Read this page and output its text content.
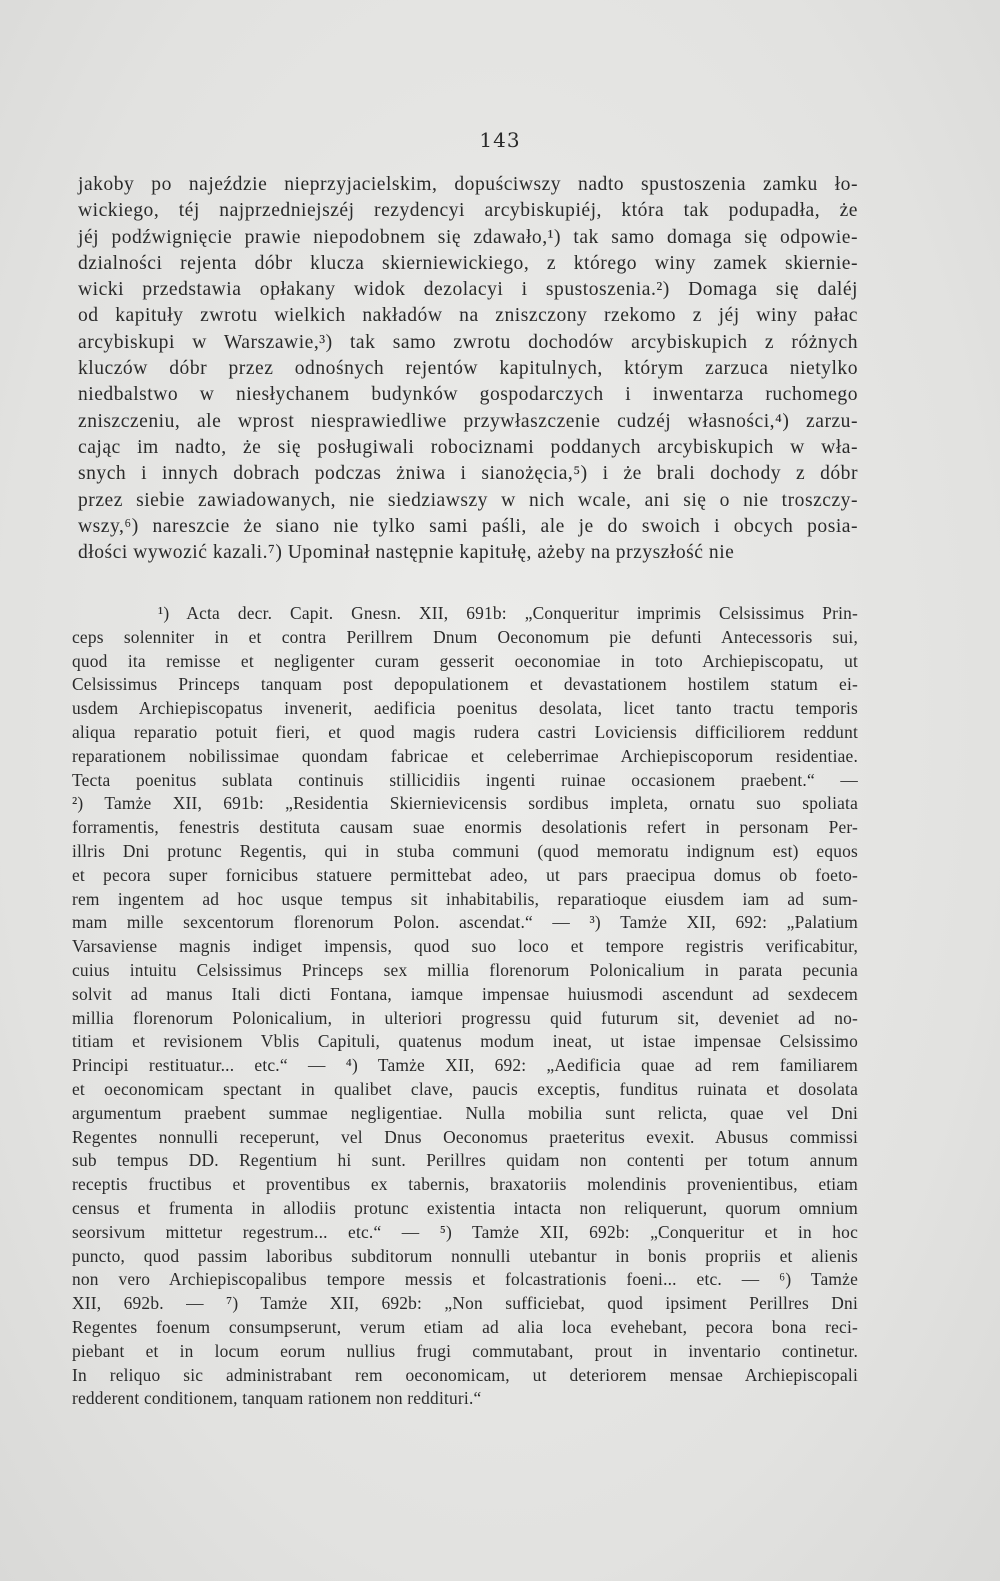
143
jakoby po najeździe nieprzyjacielskim, dopuściwszy nadto spustoszenia zamku ło-
wickiego, téj najprzedniejszéj rezydencyi arcybiskupiéj, która tak podupadła, że
jéj podźwignięcie prawie niepodobnem się zdawało,¹) tak samo domaga się odpowie-
dzialności rejenta dóbr klucza skierniewickiego, z którego winy zamek skiernie-
wicki przedstawia opłakany widok dezolacyi i spustoszenia.²) Domaga się daléj
od kapituły zwrotu wielkich nakładów na zniszczony rzekomo z jéj winy pałac
arcybiskupi w Warszawie,³) tak samo zwrotu dochodów arcybiskupich z różnych
kluczów dóbr przez odnośnych rejentów kapitulnych, którym zarzuca nietylko
niedbalstwo w niesłychanem budynków gospodarczych i inwentarza ruchomego
zniszczeniu, ale wprost niesprawiedliwe przywłaszczenie cudzéj własności,⁴) zarzu-
cając im nadto, że się posługiwali robociznami poddanych arcybiskupich w wła-
snych i innych dobrach podczas żniwa i sianożęcia,⁵) i że brali dochody z dóbr
przez siebie zawiadowanych, nie siedziawszy w nich wcale, ani się o nie troszczy-
wszy,⁶) nareszcie że siano nie tylko sami paśli, ale je do swoich i obcych posia-
dłości wywozić kazali.⁷) Upominał następnie kapitułę, ażeby na przyszłość nie
¹) Acta decr. Capit. Gnesn. XII, 691b: „Conqueritur imprimis Celsissimus Prin-
ceps solenniter in et contra Perillrem Dnum Oeconomum pie defunti Antecessoris sui,
quod ita remisse et negligenter curam gesserit oeconomiae in toto Archiepiscopatu, ut
Celsissimus Princeps tanquam post depopulationem et devastationem hostilem statum ei-
usdem Archiepiscopatus invenerit, aedificia poenitus desolata, licet tanto tractu temporis
aliqua reparatio potuit fieri, et quod magis rudera castri Loviciensis difficiliorem reddunt
reparationem nobilissimae quondam fabricae et celeberrimae Archiepiscoporum residentiae.
Tecta poenitus sublata continuis stillicidiis ingenti ruinae occasionem praebent.“ —
²) Tamże XII, 691b: „Residentia Skiernievicensis sordibus impleta, ornatu suo spoliata
forramentis, fenestris destituta causam suae enormis desolationis refert in personam Per-
illris Dni protunc Regentis, qui in stuba communi (quod memoratu indignum est) equos
et pecora super fornicibus statuere permittebat adeo, ut pars praecipua domus ob foeto-
rem ingentem ad hoc usque tempus sit inhabitabilis, reparatioque eiusdem iam ad sum-
mam mille sexcentorum florenorum Polon. ascendat.“ — ³) Tamże XII, 692: „Palatium
Varsaviense magnis indiget impensis, quod suo loco et tempore registris verificabitur,
cuius intuitu Celsissimus Princeps sex millia florenorum Polonicalium in parata pecunia
solvit ad manus Itali dicti Fontana, iamque impensae huiusmodi ascendunt ad sexdecem
millia florenorum Polonicalium, in ulteriori progressu quid futurum sit, deveniet ad no-
titiam et revisionem Vblis Capituli, quatenus modum ineat, ut istae impensae Celsissimo
Principi restituatur... etc.“ — ⁴) Tamże XII, 692: „Aedificia quae ad rem familiarem
et oeconomicam spectant in qualibet clave, paucis exceptis, funditus ruinata et dosolata
argumentum praebent summae negligentiae. Nulla mobilia sunt relicta, quae vel Dni
Regentes nonnulli receperunt, vel Dnus Oeconomus praeteritus evexit. Abusus commissi
sub tempus DD. Regentium hi sunt. Perillres quidam non contenti per totum annum
receptis fructibus et proventibus ex tabernis, braxatoriis molendinis provenientibus, etiam
census et frumenta in allodiis protunc existentia intacta non reliquerunt, quorum omnium
seorsivum mittetur regestrum... etc.“ — ⁵) Tamże XII, 692b: „Conqueritur et in hoc
puncto, quod passim laboribus subditorum nonnulli utebantur in bonis propriis et alienis
non vero Archiepiscopalibus tempore messis et folcastrationis foeni... etc. — ⁶) Tamże
XII, 692b. — ⁷) Tamże XII, 692b: „Non sufficiebat, quod ipsiment Perillres Dni
Regentes foenum consumpserunt, verum etiam ad alia loca evehebant, pecora bona reci-
piebant et in locum eorum nullius frugi commutabant, prout in inventario continetur.
In reliquo sic administrabant rem oeconomicam, ut deteriorem mensae Archiepiscopali
redderent conditionem, tanquam rationem non redditurі.“
